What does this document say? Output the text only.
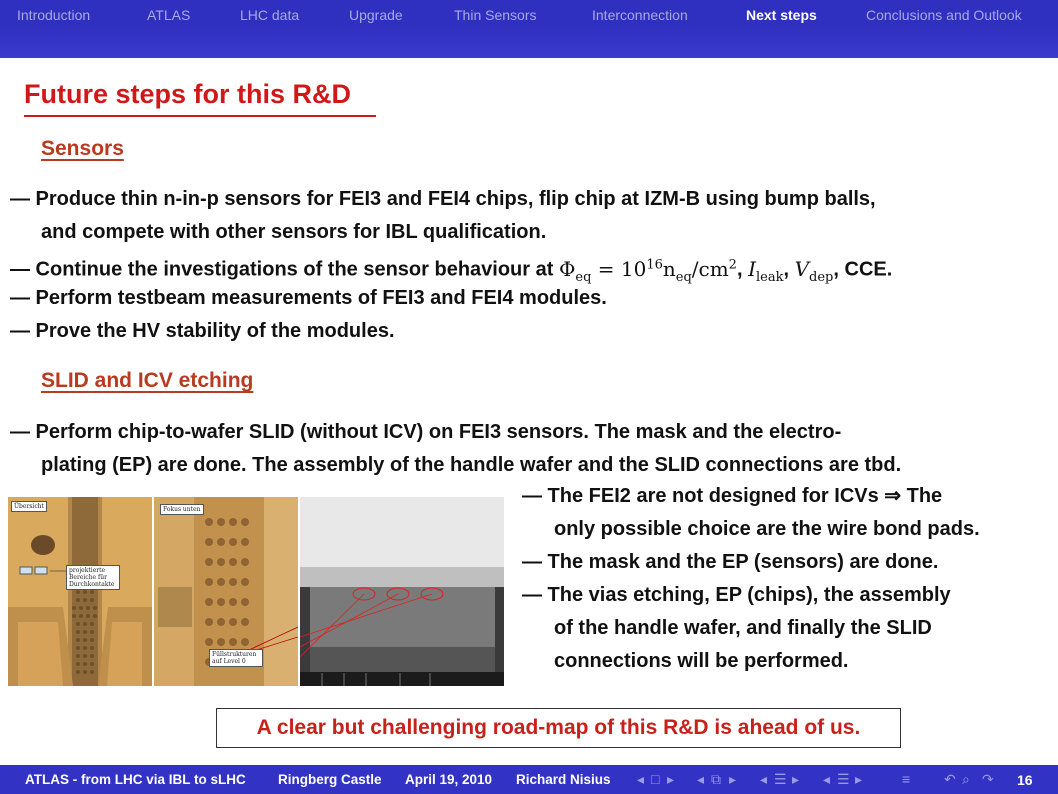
Introduction	ATLAS	LHC data	Upgrade	Thin Sensors	Interconnection	Next steps	Conclusions and Outlook
Future steps for this R&D
Sensors
— Produce thin n-in-p sensors for FEI3 and FEI4 chips, flip chip at IZM-B using bump balls,
and compete with other sensors for IBL qualification.
— Continue the investigations of the sensor behaviour at $\Phi_{eq} = 10^{16}n_{eq}/cm^2$, $I_{leak}$, $V_{dep}$, CCE.
— Perform testbeam measurements of FEI3 and FEI4 modules.
— Prove the HV stability of the modules.
SLID and ICV etching
— Perform chip-to-wafer SLID (without ICV) on FEI3 sensors. The mask and the electro-
plating (EP) are done. The assembly of the handle wafer and the SLID connections are tbd.
Übersicht
projektierte Bereiche für Durchkontakte
Fokus unten
Füllstrukturen auf Level 0
— The FEI2 are not designed for ICVs ⇒ The
only possible choice are the wire bond pads.
— The mask and the EP (sensors) are done.
— The vias etching, EP (chips), the assembly
of the handle wafer, and finally the SLID
connections will be performed.
A clear but challenging road-map of this R&D is ahead of us.
ATLAS - from LHC via IBL to sLHC Ringberg Castle April 19, 2010 Richard Nisius ◂ □ ▸ ◂ ⧉ ▸ ◂ ☰ ▸ ◂ ☰ ▸	≡ ↶ ⌕ ↷ 16
